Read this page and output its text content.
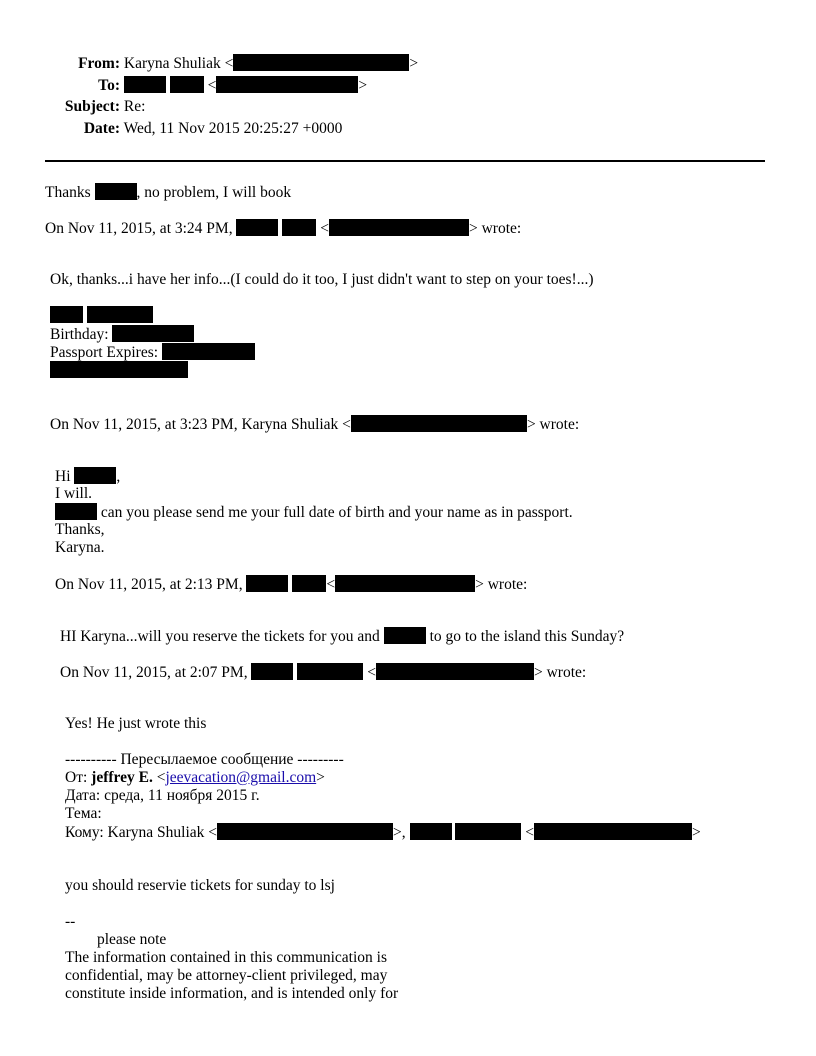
From: Karyna Shuliak <	>
To:	<	>
Subject: Re:
Date: Wed, 11 Nov 2015 20:25:27 +0000
Thanks	, no problem, I will book
On Nov 11, 2015, at 3:24 PM,	<	> wrote:
Ok, thanks...i have her info...(I could do it too, I just didn't want to step on your toes!...)

Birthday:
Passport Expires:
On Nov 11, 2015, at 3:23 PM, Karyna Shuliak <	> wrote:
Hi	,
I will.
can you please send me your full date of birth and your name as in passport.
Thanks,
Karyna.
On Nov 11, 2015, at 2:13 PM,	<	> wrote:
HI Karyna...will you reserve the tickets for you and	to go to the island this Sunday?
On Nov 11, 2015, at 2:07 PM,	<	> wrote:
Yes! He just wrote this
---------- Пересылаемое сообщение ---------
От: jeffrey E. <jeevacation@gmail.com>
Дата: среда, 11 ноября 2015 г.
Тема:
Кому: Karyna Shuliak <	>,	<	>
you should reservie tickets for sunday to lsj
--
please note
The information contained in this communication is
confidential, may be attorney-client privileged, may
constitute inside information, and is intended only for
